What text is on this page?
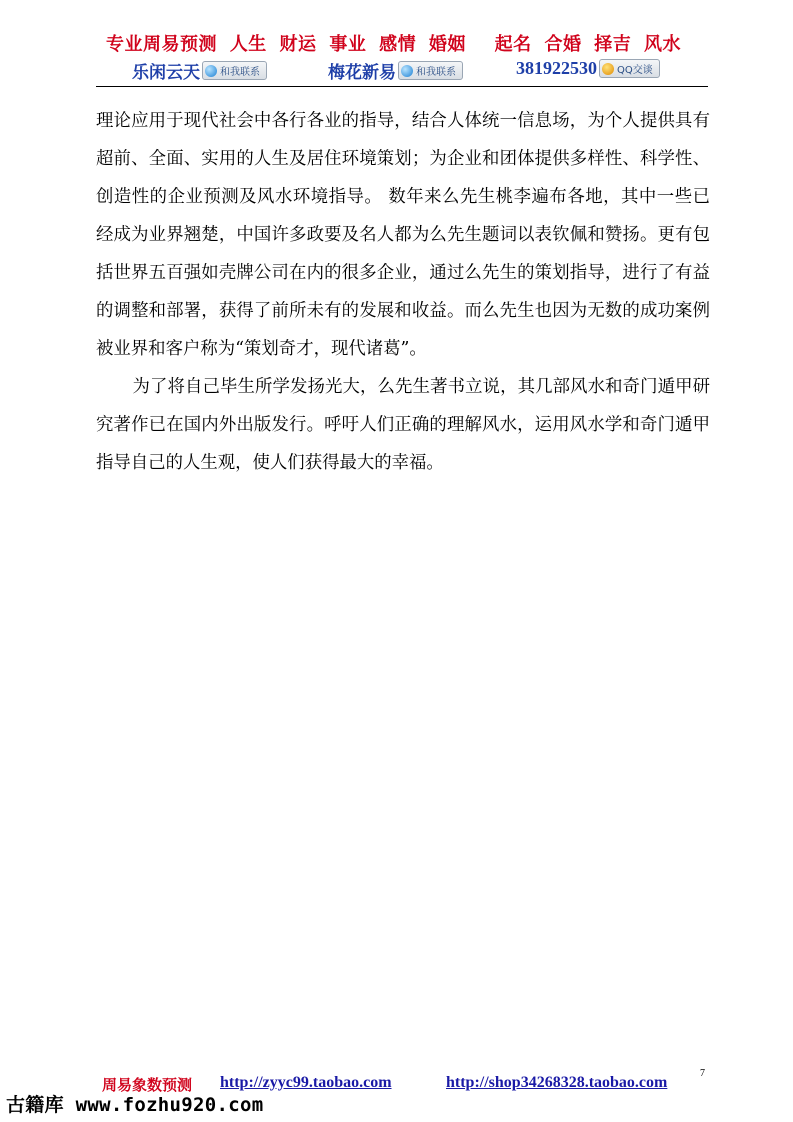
专业周易预测 人生 财运 事业 感情 婚姻 起名 合婚 择吉 风水
乐闲云天 和我联系	梅花新易 和我联系	381922530 QQ交谈

理论应用于现代社会中各行各业的指导，结合人体统一信息场，为个人提供具有超前、全面、实用的人生及居住环境策划；为企业和团体提供多样性、科学性、创造性的企业预测及风水环境指导。 数年来么先生桃李遍布各地，其中一些已经成为业界翘楚，中国许多政要及名人都为么先生题词以表钦佩和赞扬。更有包括世界五百强如壳牌公司在内的很多企业，通过么先生的策划指导，进行了有益的调整和部署，获得了前所未有的发展和收益。而么先生也因为无数的成功案例被业界和客户称为“策划奇才，现代诸葛”。

为了将自己毕生所学发扬光大，么先生著书立说，其几部风水和奇门遁甲研究著作已在国内外出版发行。呼吁人们正确的理解风水，运用风水学和奇门遁甲指导自己的人生观，使人们获得最大的幸福。

周易象数预测 http://zyyc99.taobao.com	http://shop34268328.taobao.com
7
古籍库 www.fozhu920.com
